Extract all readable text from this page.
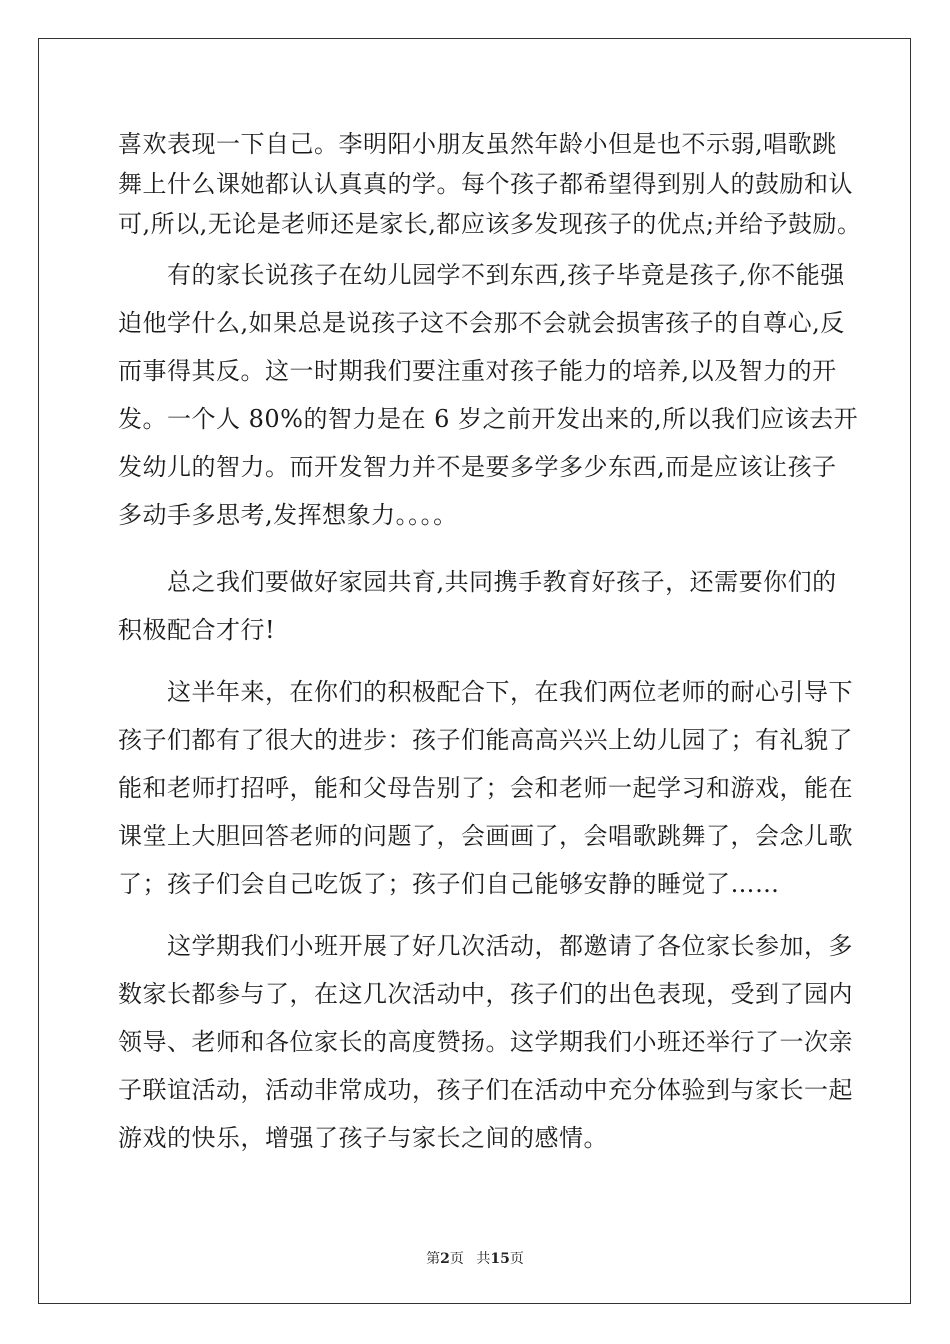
喜欢表现一下自己。李明阳小朋友虽然年龄小但是也不示弱,唱歌跳
舞上什么课她都认认真真的学。每个孩子都希望得到别人的鼓励和认
可,所以,无论是老师还是家长,都应该多发现孩子的优点;并给予鼓励。
　　有的家长说孩子在幼儿园学不到东西,孩子毕竟是孩子,你不能强
迫他学什么,如果总是说孩子这不会那不会就会损害孩子的自尊心,反
而事得其反。这一时期我们要注重对孩子能力的培养,以及智力的开
发。一个人 80%的智力是在 6 岁之前开发出来的,所以我们应该去开
发幼儿的智力。而开发智力并不是要多学多少东西,而是应该让孩子
多动手多思考,发挥想象力。。。。
　　总之我们要做好家园共育,共同携手教育好孩子，还需要你们的
积极配合才行!
　　这半年来，在你们的积极配合下，在我们两位老师的耐心引导下
孩子们都有了很大的进步：孩子们能高高兴兴上幼儿园了；有礼貌了
能和老师打招呼，能和父母告别了；会和老师一起学习和游戏，能在
课堂上大胆回答老师的问题了，会画画了，会唱歌跳舞了，会念儿歌
了；孩子们会自己吃饭了；孩子们自己能够安静的睡觉了……
　　这学期我们小班开展了好几次活动，都邀请了各位家长参加，多
数家长都参与了，在这几次活动中，孩子们的出色表现，受到了园内
领导、老师和各位家长的高度赞扬。这学期我们小班还举行了一次亲
子联谊活动，活动非常成功，孩子们在活动中充分体验到与家长一起
游戏的快乐，增强了孩子与家长之间的感情。
第2页 共15页
